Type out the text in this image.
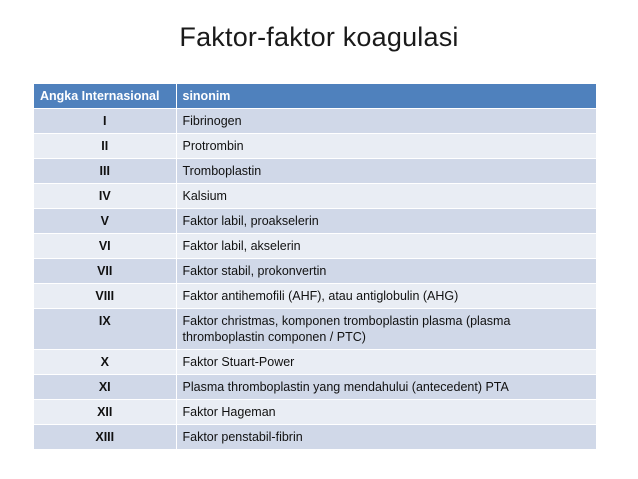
Faktor-faktor koagulasi
Angka Internasional	sinonim
I	Fibrinogen
II	Protrombin
III	Tromboplastin
IV	Kalsium
V	Faktor labil, proakselerin
VI	Faktor labil, akselerin
VII	Faktor stabil, prokonvertin
VIII	Faktor antihemofili (AHF), atau antiglobulin (AHG)
IX	Faktor christmas, komponen tromboplastin plasma (plasma thromboplastin componen / PTC)
X	Faktor Stuart-Power
XI	Plasma thromboplastin yang mendahului (antecedent) PTA
XII	Faktor Hageman
XIII	Faktor penstabil-fibrin
